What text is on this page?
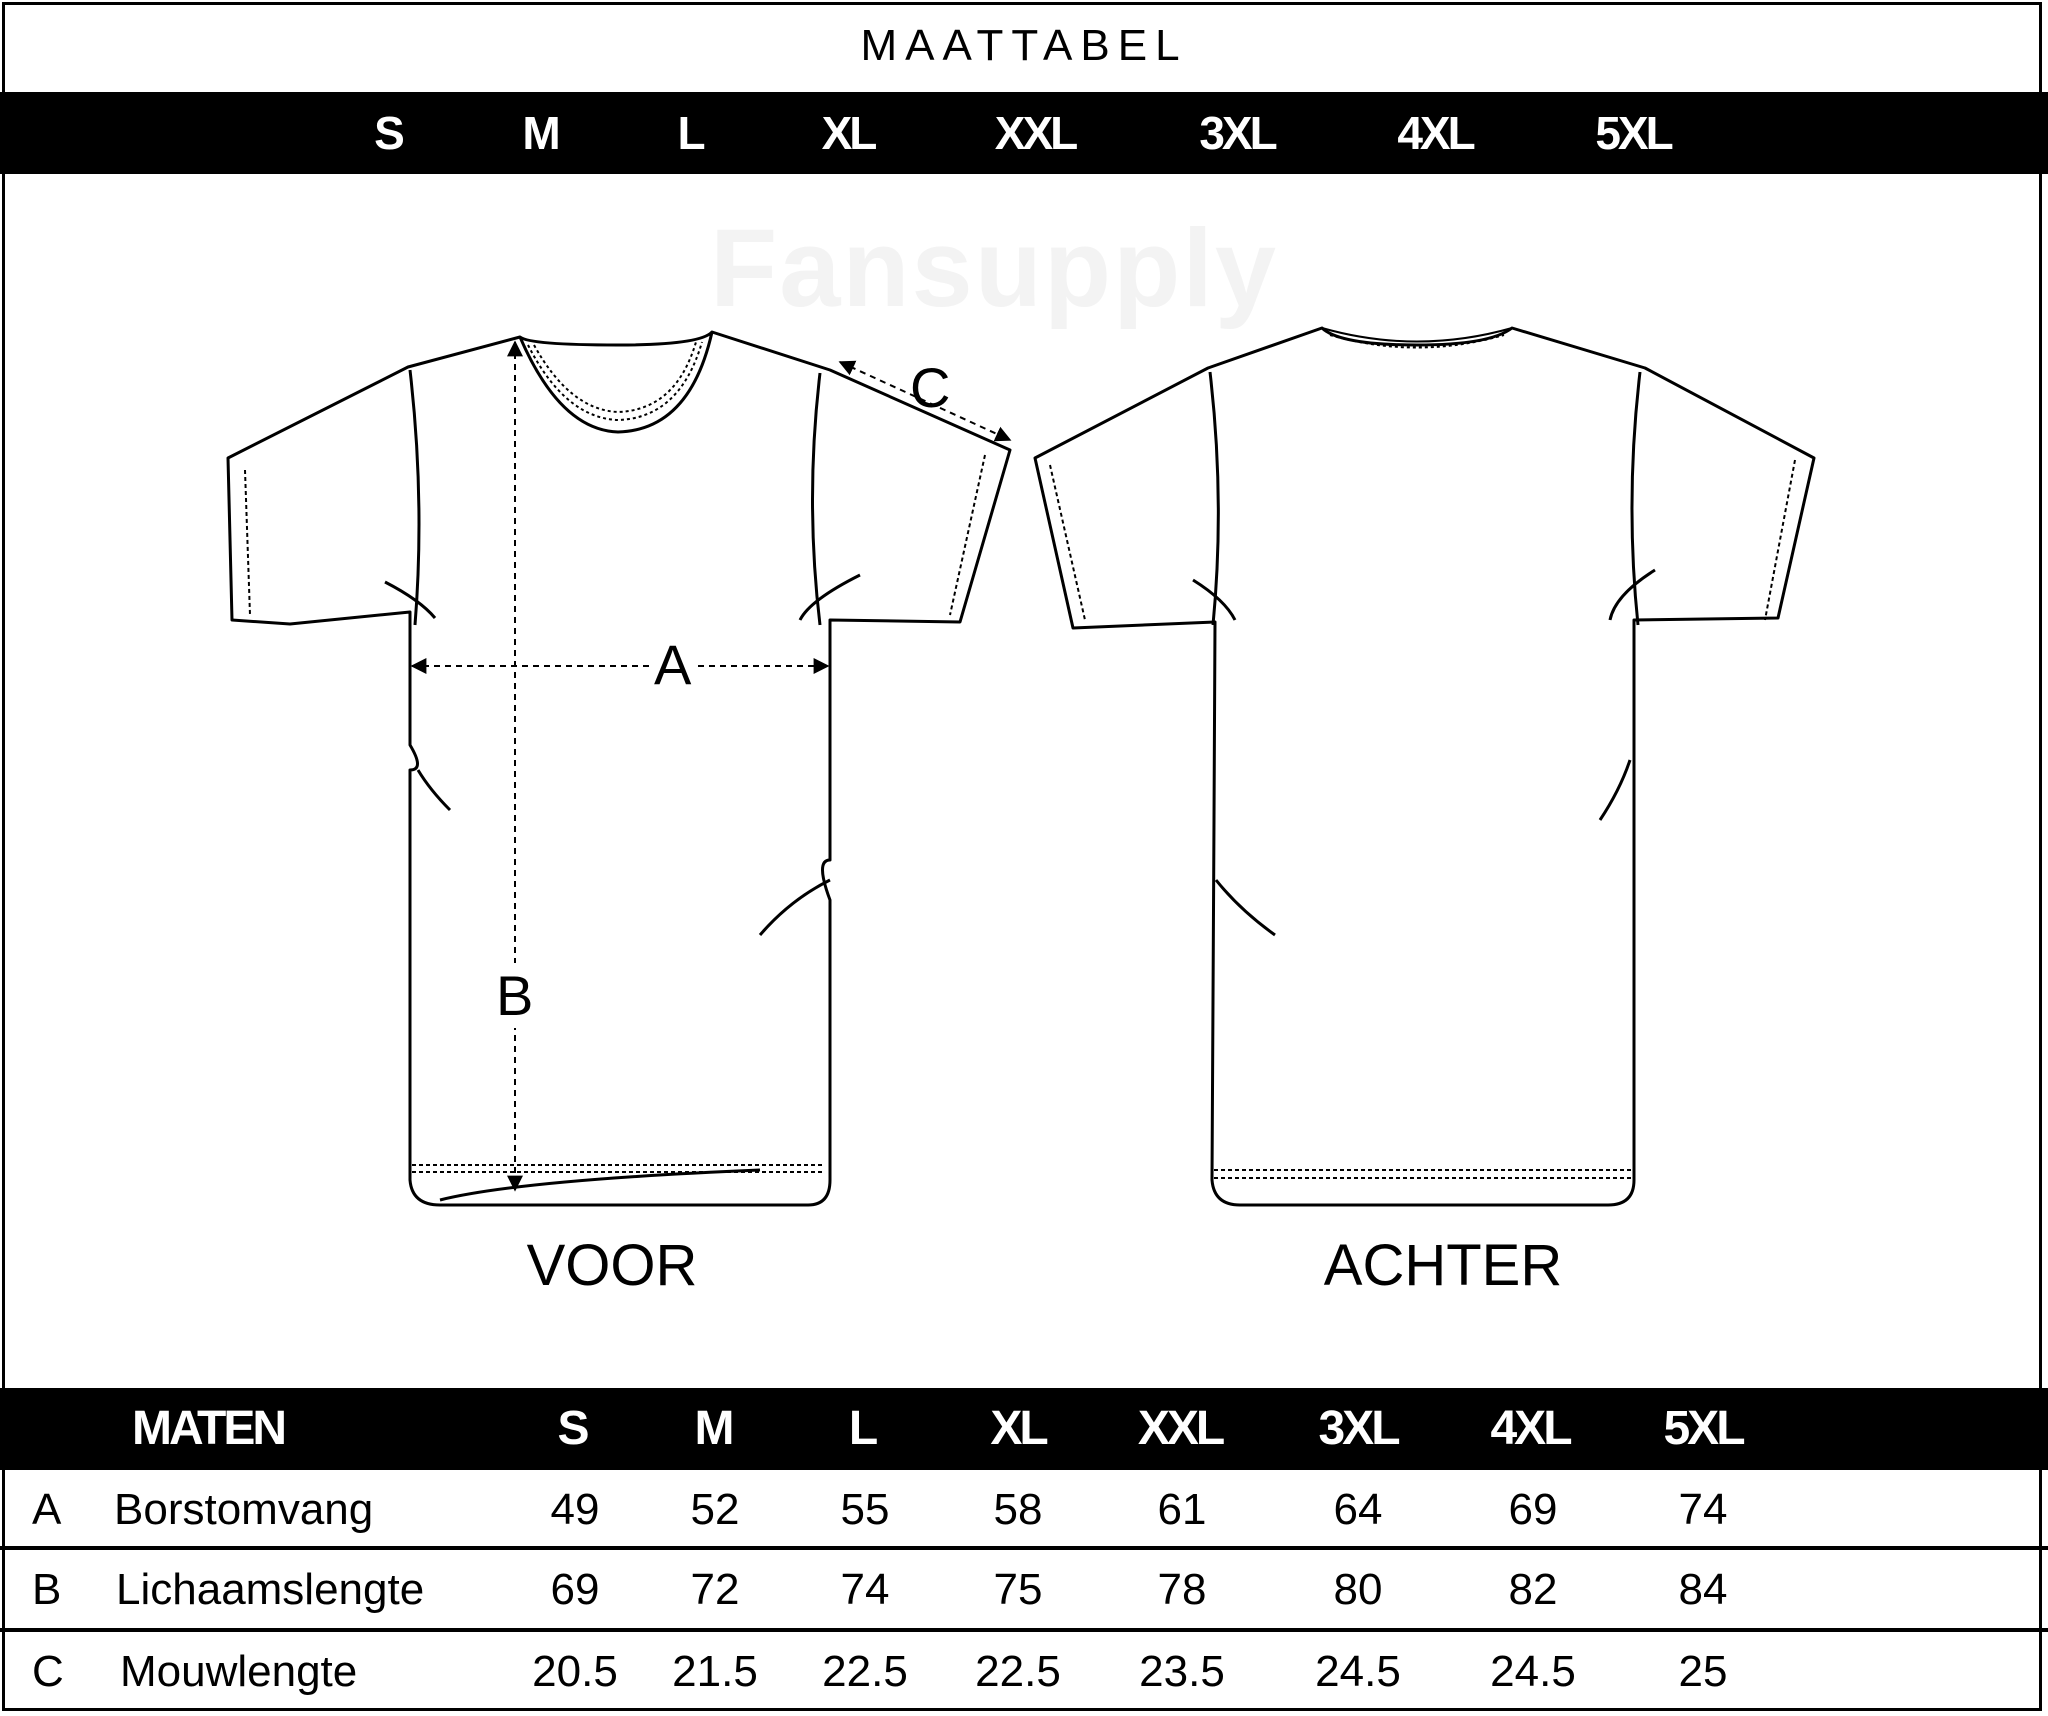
MAATTABEL
S	M	L	XL	XXL	3XL	4XL	5XL
Fansupply
A
B
C
VOOR	ACHTER
MATEN	S M L XL XXL 3XL 4XL 5XL
A Borstomvang	49 52 55 58	61	64	69	74
B Lichaamslengte	69 72 74 75	78	80	82	84
C Mouwlengte	20.5 21.5 22.5 22.5 23.5 24.5 24.5 25
